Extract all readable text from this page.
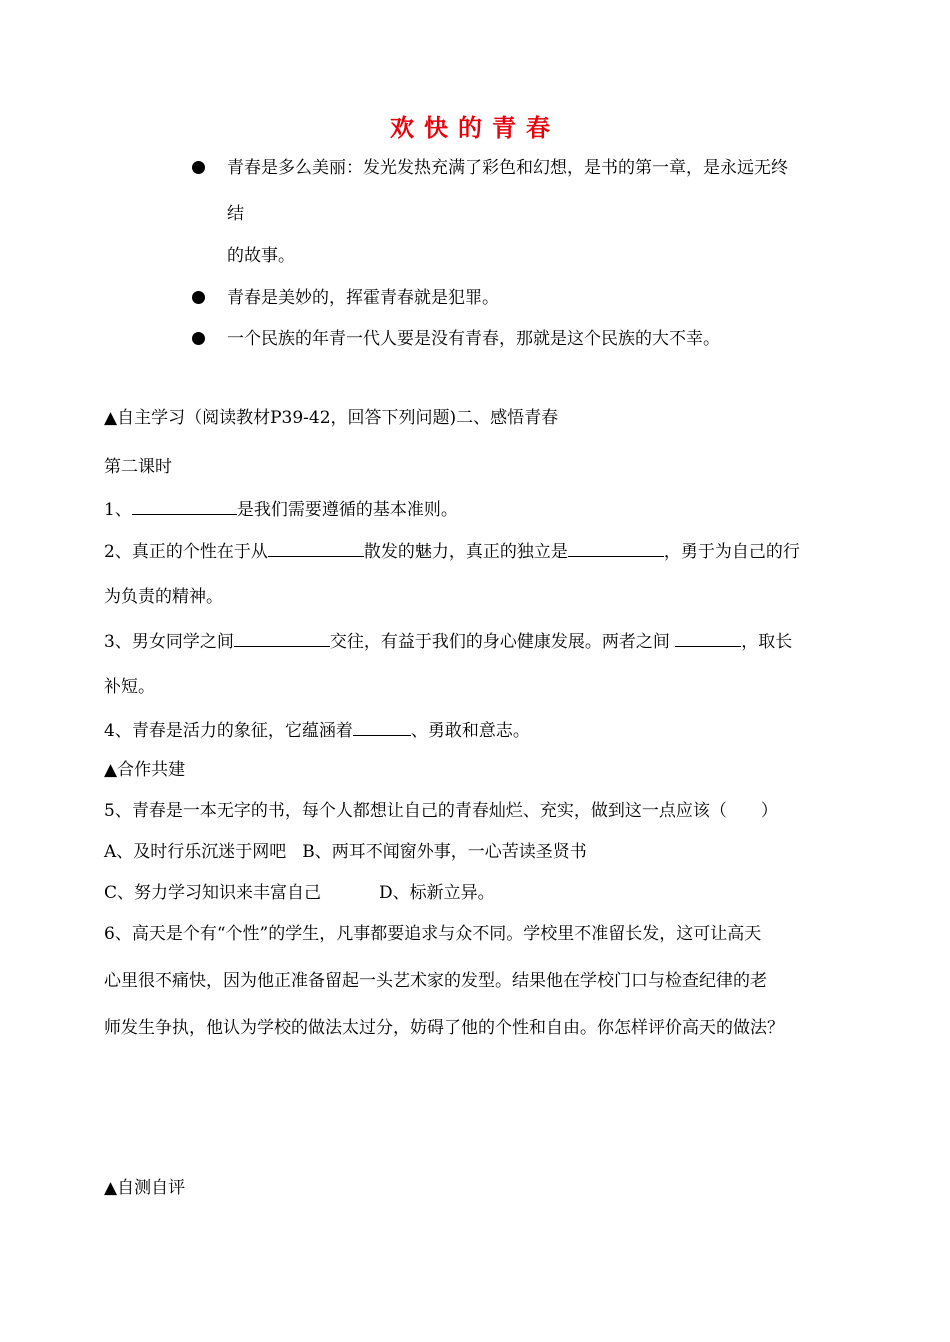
欢快的青春
青春是多么美丽：发光发热充满了彩色和幻想，是书的第一章，是永远无终
结
的故事。
青春是美妙的，挥霍青春就是犯罪。
一个民族的年青一代人要是没有青春，那就是这个民族的大不幸。
▲自主学习（阅读教材P39-42，回答下列问题)二、感悟青春
第二课时
1、	是我们需要遵循的基本准则。
2、真正的个性在于从	散发的魅力，真正的独立是	，勇于为自己的行
为负责的精神。
3、男女同学之间	交往，有益于我们的身心健康发展。两者之间	，取长
补短。
4、青春是活力的象征，它蕴涵着	、勇敢和意志。
▲合作共建
5、青春是一本无字的书，每个人都想让自己的青春灿烂、充实，做到这一点应该（　　）
A、及时行乐沉迷于网吧 B、两耳不闻窗外事，一心苦读圣贤书
C、努力学习知识来丰富自己	D、标新立异。
6、高天是个有“个性”的学生，凡事都要追求与众不同。学校里不准留长发，这可让高天
心里很不痛快，因为他正准备留起一头艺术家的发型。结果他在学校门口与检查纪律的老
师发生争执，他认为学校的做法太过分，妨碍了他的个性和自由。你怎样评价高天的做法？
▲自测自评
